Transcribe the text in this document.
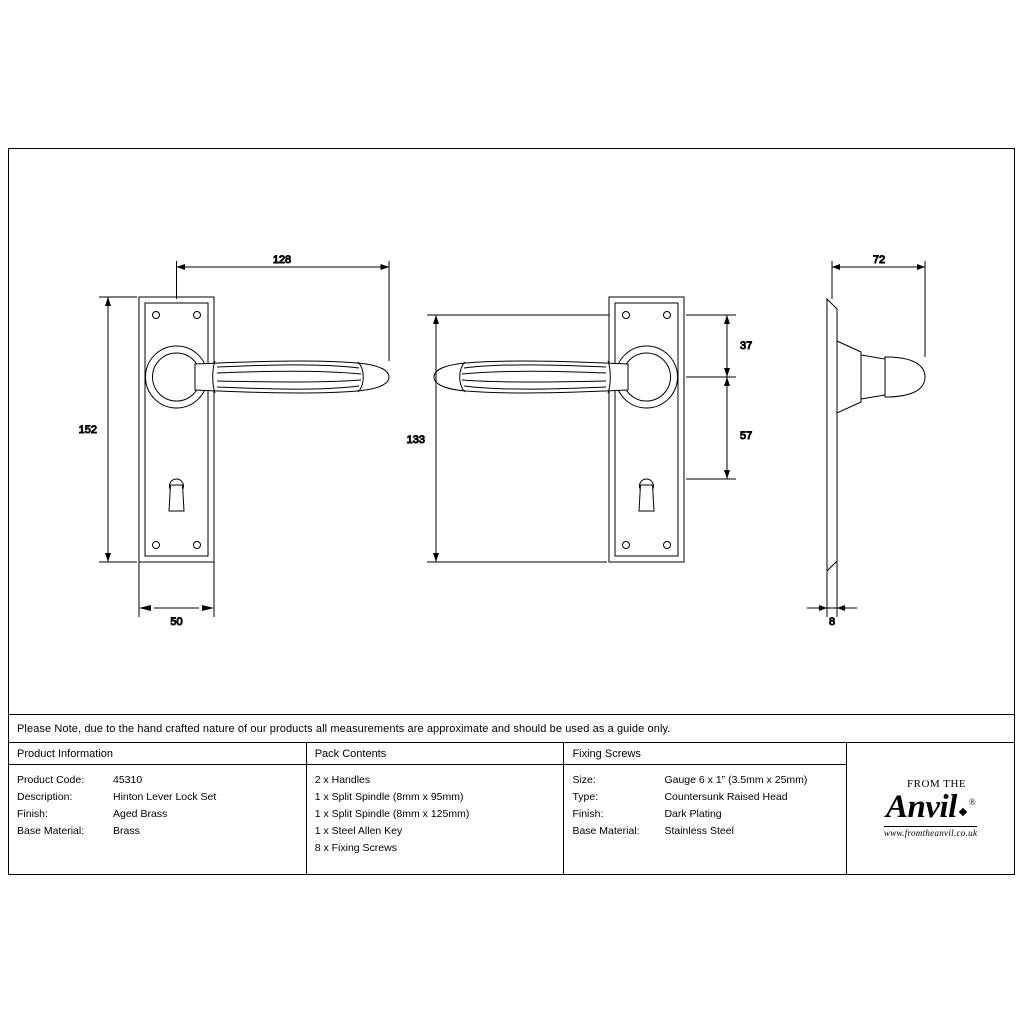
128
152
50
133
37
57
72
8
Please Note, due to the hand crafted nature of our products all measurements are approximate and should be used as a guide only.
Product Information
Product Code:	45310
Description:	Hinton Lever Lock Set
Finish:	Aged Brass
Base Material:	Brass
Pack Contents
2 x Handles
1 x Split Spindle (8mm x 95mm)
1 x Split Spindle (8mm x 125mm)
1 x Steel Allen Key
8 x Fixing Screws
Fixing Screws
Size:	Gauge 6 x 1” (3.5mm x 25mm)
Type:	Countersunk Raised Head
Finish:	Dark Plating
Base Material:	Stainless Steel
FROM THE
Anvil ®
www.fromtheanvil.co.uk
